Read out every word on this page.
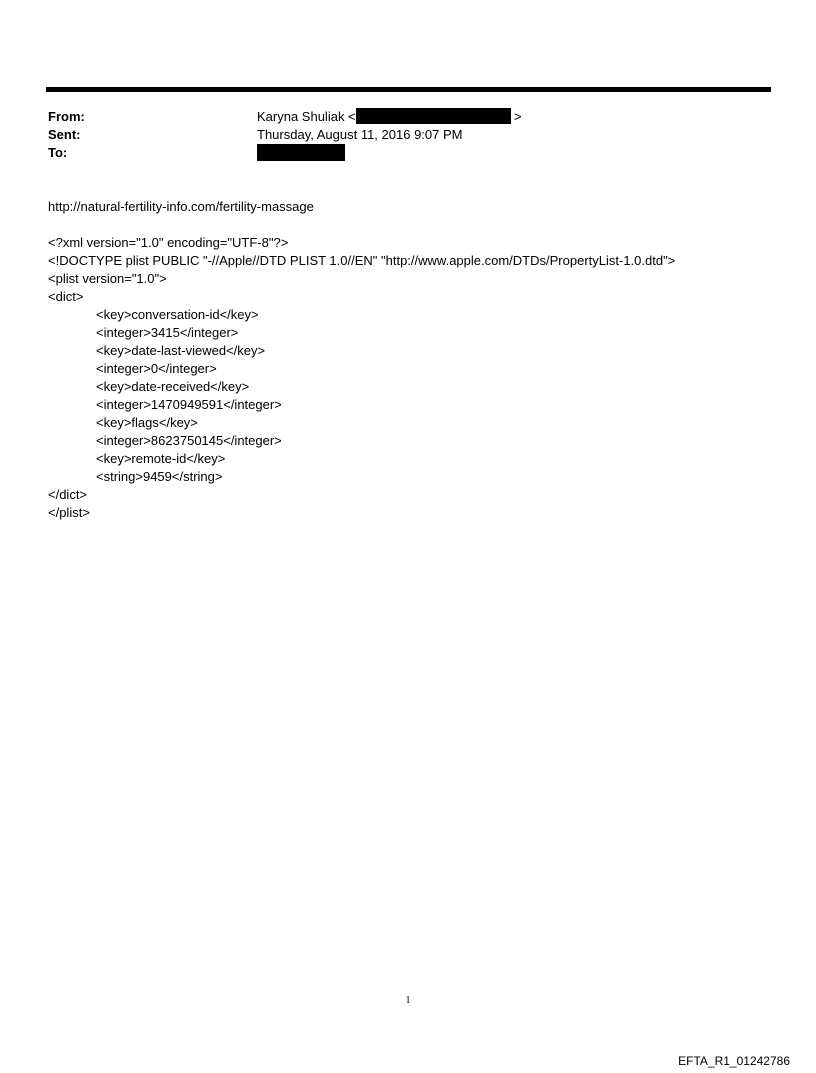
From:
Sent:
To:
Karyna Shuliak <	>
Thursday, August 11, 2016 9:07 PM
http://natural-fertility-info.com/fertility-massage
<?xml version="1.0" encoding="UTF-8"?>
<!DOCTYPE plist PUBLIC "-//Apple//DTD PLIST 1.0//EN" "http://www.apple.com/DTDs/PropertyList-1.0.dtd">
<plist version="1.0">
<dict>
<key>conversation-id</key>
<integer>3415</integer>
<key>date-last-viewed</key>
<integer>0</integer>
<key>date-received</key>
<integer>1470949591</integer>
<key>flags</key>
<integer>8623750145</integer>
<key>remote-id</key>
<string>9459</string>
</dict>
</plist>
1
EFTA_R1_01242786
